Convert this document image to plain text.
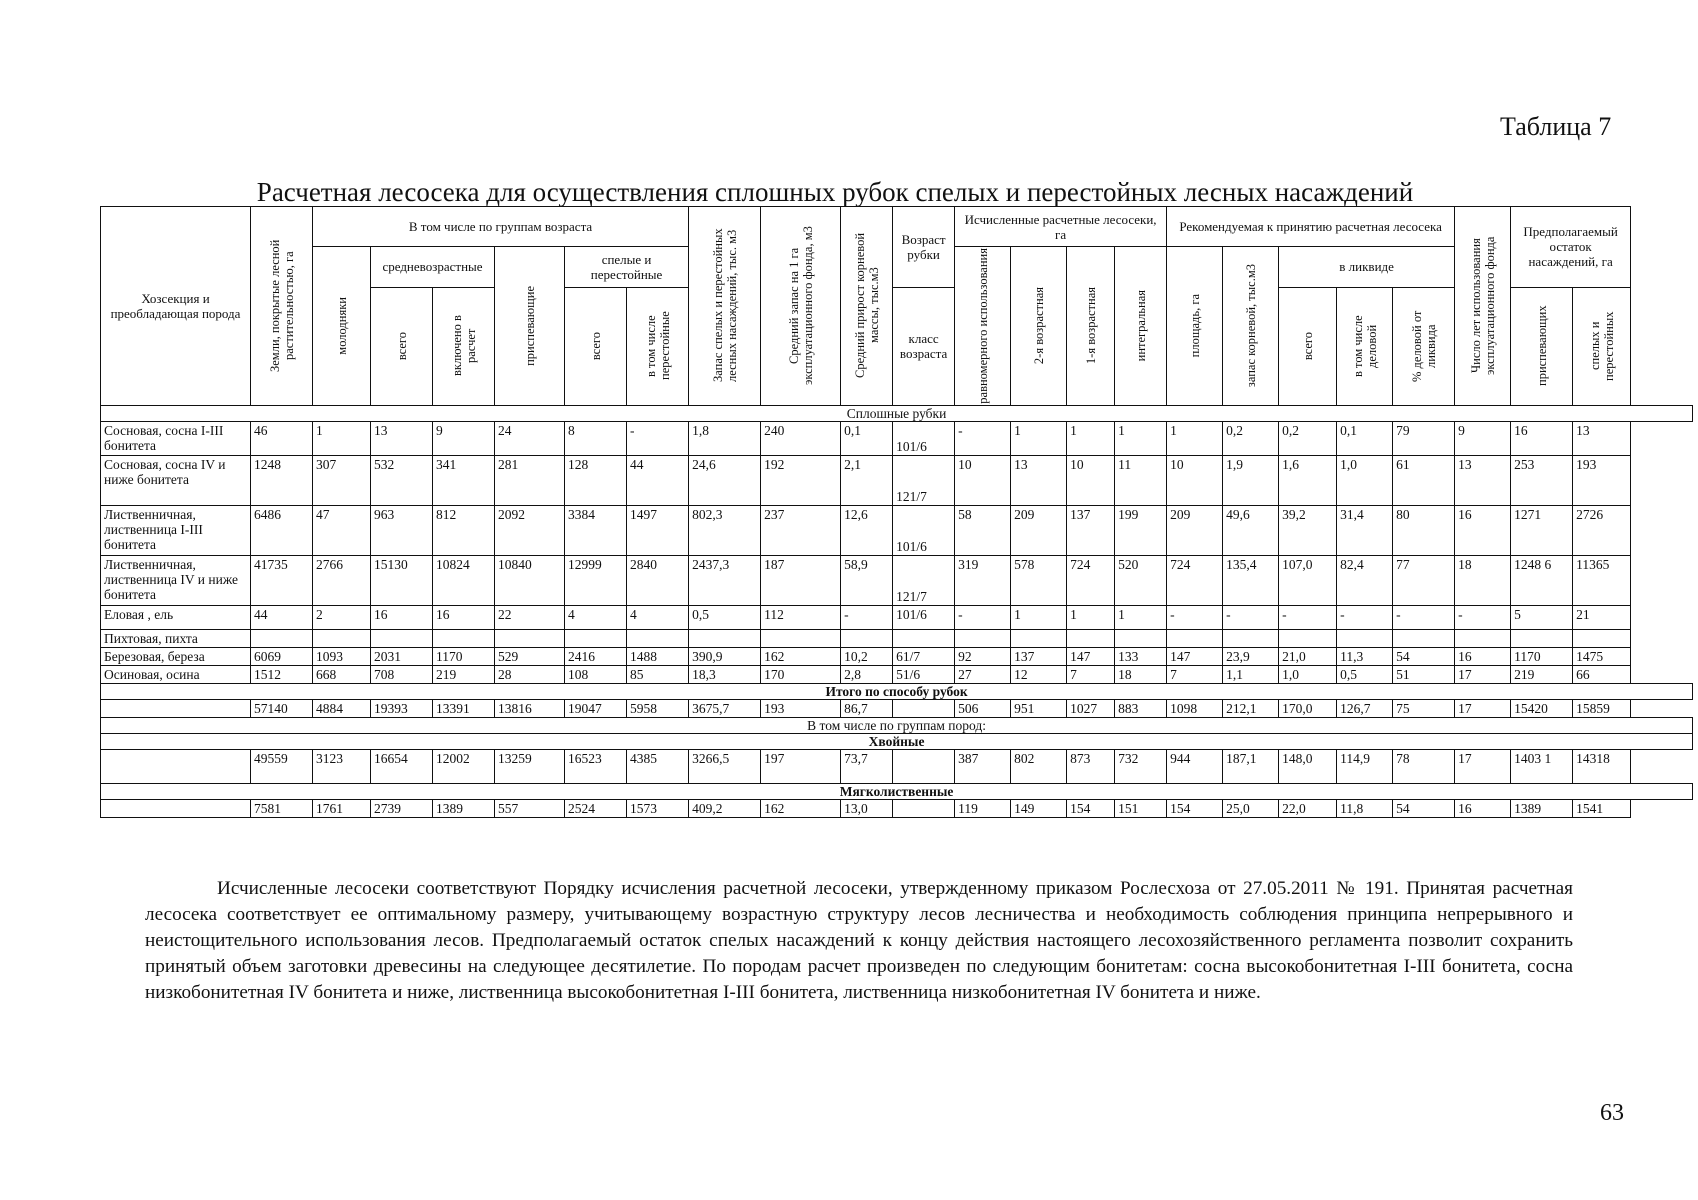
Таблица 7
Расчетная лесосека для осуществления сплошных рубок спелых и перестойных лесных насаждений
Хозсекция и преобладающая порода	Земли, покрытые лесной растительностью, га	В том числе по группам возраста						Запас спелых и перестойных лесных насаждений, тыс. м3	Средний запас на 1 га эксплуатационного фонда, м3	Средний прирост корневой массы, тыс.м3	Возраст рубки	Исчисленные расчетные лесосеки, га				Рекомендуемая к принятию расчетная лесосека					Число лет использования эксплуатационного фонда	Предполагаемый остаток насаждений, га	

		молодняки	средневозрастные		приспевающие	спелые и перестойные						равномерного использования	2-я возрастная	1-я возрастная	интегральная	площадь, га	запас корневой, тыс.м3	в ликвиде					

			всего	включено в расчет		всего	в том числе перестойные				класс возраста							всего	в том числе деловой	% деловой от ликвида		приспевающих	спелых и перестойных

Сплошные рубки																							
Сосновая, сосна I-III бонитета	46	1	13	9	24	8	-	1,8	240	0,1	101/6	-	1	1	1	1	0,2	0,2	0,1	79	9	16	13
Сосновая, сосна IV и ниже бонитета	1248	307	532	341	281	128	44	24,6	192	2,1	121/7	10	13	10	11	10	1,9	1,6	1,0	61	13	253	193
Лиственничная, лиственница I-III бонитета	6486	47	963	812	2092	3384	1497	802,3	237	12,6	101/6	58	209	137	199	209	49,6	39,2	31,4	80	16	1271	2726
Лиственничная, лиственница IV и ниже бонитета	41735	2766	15130	10824	10840	12999	2840	2437,3	187	58,9	121/7	319	578	724	520	724	135,4	107,0	82,4	77	18	1248 6	11365
Еловая , ель	44	2	16	16	22	4	4	0,5	112	-	101/6	-	1	1	1	-	-	-	-	-	-	5	21
Пихтовая, пихта																							
Березовая, береза	6069	1093	2031	1170	529	2416	1488	390,9	162	10,2	61/7	92	137	147	133	147	23,9	21,0	11,3	54	16	1170	1475
Осиновая, осина	1512	668	708	219	28	108	85	18,3	170	2,8	51/6	27	12	7	18	7	1,1	1,0	0,5	51	17	219	66
Итого по способу рубок																							
	57140	4884	19393	13391	13816	19047	5958	3675,7	193	86,7		506	951	1027	883	1098	212,1	170,0	126,7	75	17	15420	15859
В том числе по группам пород:																							
Хвойные																							
	49559	3123	16654	12002	13259	16523	4385	3266,5	197	73,7		387	802	873	732	944	187,1	148,0	114,9	78	17	1403 1	14318
Мягколиственные																							
	7581	1761	2739	1389	557	2524	1573	409,2	162	13,0		119	149	154	151	154	25,0	22,0	11,8	54	16	1389	1541

Исчисленные лесосеки соответствуют Порядку исчисления расчетной лесосеки, утвержденному приказом Рослесхоза от 27.05.2011 № 191. Принятая расчетная лесосека соответствует ее оптимальному размеру, учитывающему возрастную структуру лесов лесничества и необходимость соблюдения принципа непрерывного и неистощительного использования лесов. Предполагаемый остаток спелых насаждений к концу действия настоящего лесохозяйственного регламента позволит сохранить принятый объем заготовки древесины на следующее десятилетие. По породам расчет произведен по следующим бонитетам: сосна высокобонитетная I-III бонитета, сосна низкобонитетная IV бонитета и ниже, лиственница высокобонитетная I-III бонитета, лиственница низкобонитетная IV бонитета и ниже.

63
